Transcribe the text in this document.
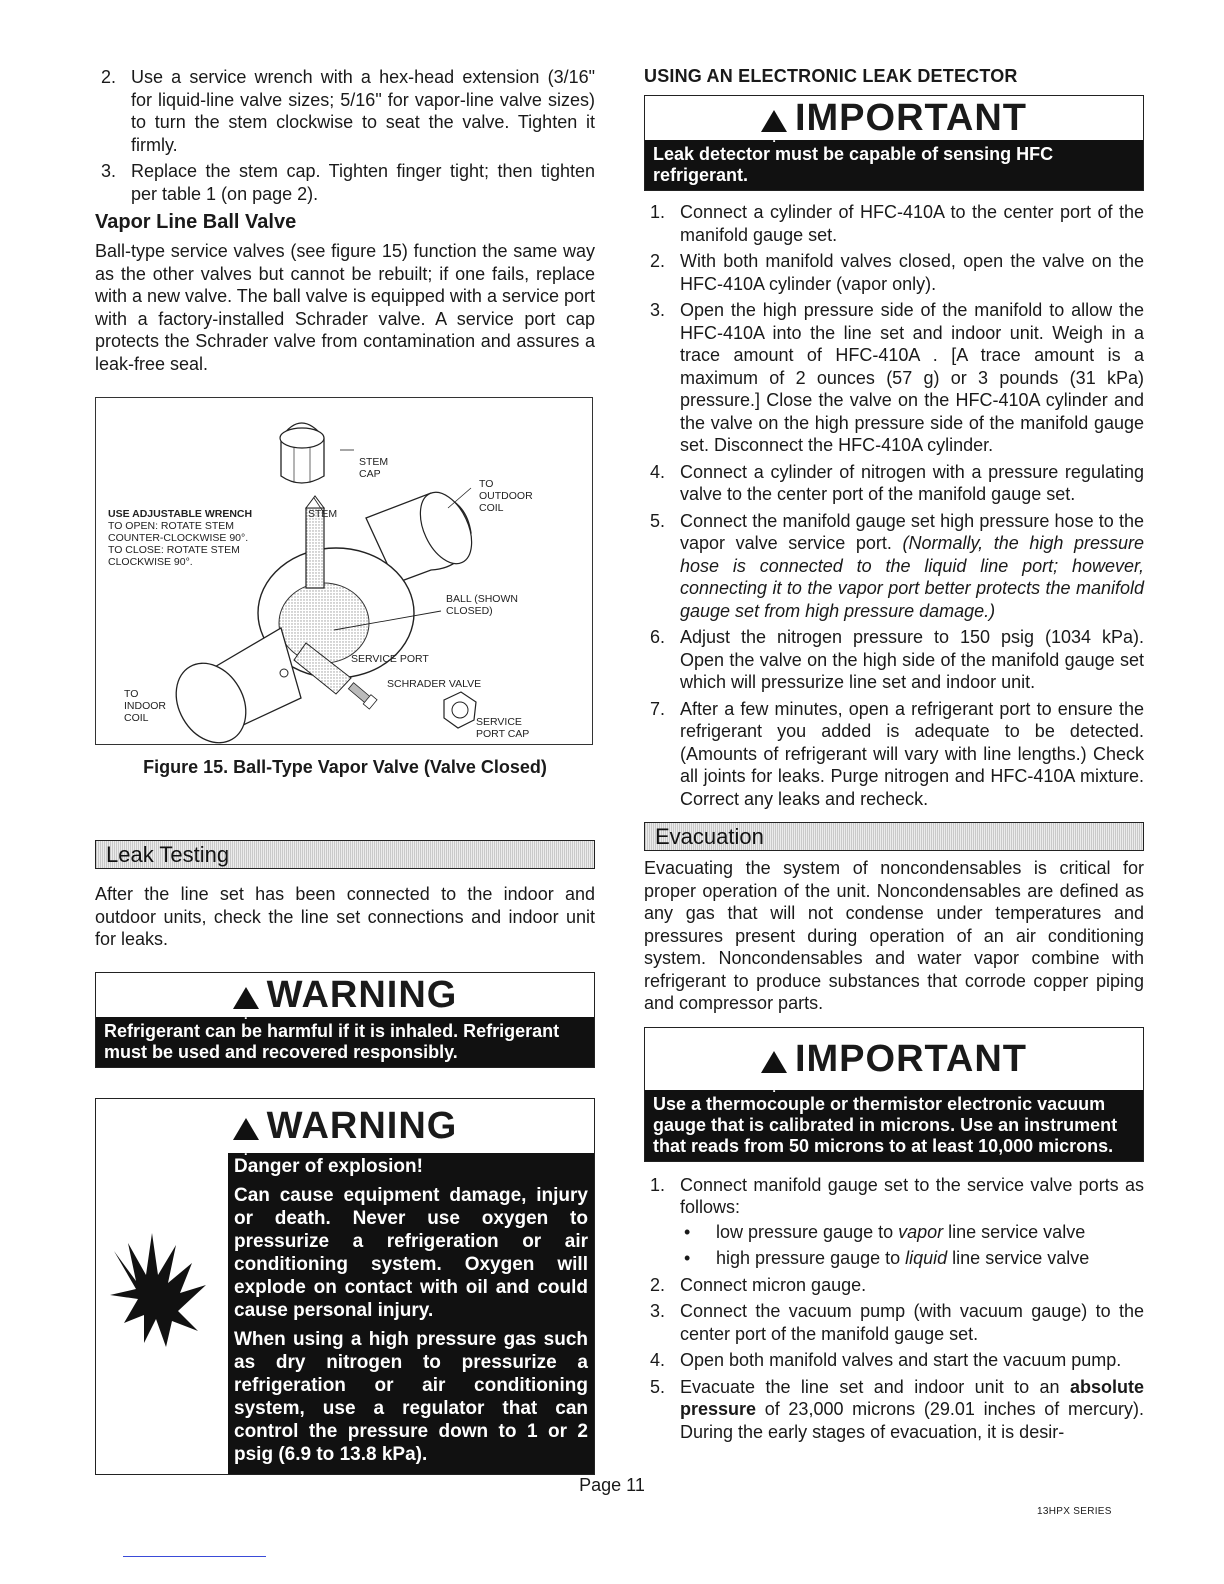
2. Use a service wrench with a hex-head extension (3/16" for liquid-line valve sizes; 5/16" for vapor-line valve sizes) to turn the stem clockwise to seat the valve. Tighten it firmly.
3. Replace the stem cap. Tighten finger tight; then tighten per table 1 (on page 2).
Vapor Line Ball Valve

Ball-type service valves (see figure 15) function the same way as the other valves but cannot be rebuilt; if one fails, replace with a new valve. The ball valve is equipped with a service port with a factory-installed Schrader valve. A service port cap protects the Schrader valve from contamination and assures a leak-free seal.

STEM
CAP
TO
OUTDOOR
COIL
USE ADJUSTABLE WRENCH
TO OPEN: ROTATE STEM
COUNTER-CLOCKWISE 90°.
TO CLOSE: ROTATE STEM
CLOCKWISE 90°.
STEM
BALL (SHOWN
CLOSED)
SERVICE PORT
SCHRADER VALVE
TO
INDOOR
COIL	SERVICE
PORT CAP
Figure 15. Ball-Type Vapor Valve (Valve Closed)
Leak Testing

After the line set has been connected to the indoor and outdoor units, check the line set connections and indoor unit for leaks.

! WARNING
Refrigerant can be harmful if it is inhaled. Refrigerant must be used and recovered responsibly.
!
WARNING
Danger of explosion!
Can cause equipment damage, injury or death. Never use oxygen to pressurize a refrigeration or air conditioning system. Oxygen will explode on contact with oil and could cause personal injury.
When using a high pressure gas such as dry nitrogen to pressurize a refrigeration or air conditioning system, use a regulator that can control the pressure down to 1 or 2 psig (6.9 to 13.8 kPa).
USING AN ELECTRONIC LEAK DETECTOR
! IMPORTANT
Leak detector must be capable of sensing HFC refrigerant.
1. Connect a cylinder of HFC-410A to the center port of the manifold gauge set.
2. With both manifold valves closed, open the valve on the HFC-410A cylinder (vapor only).
3. Open the high pressure side of the manifold to allow the HFC-410A into the line set and indoor unit. Weigh in a trace amount of HFC-410A . [A trace amount is a maximum of 2 ounces (57 g) or 3 pounds (31 kPa) pressure.] Close the valve on the HFC-410A cylinder and the valve on the high pressure side of the manifold gauge set. Disconnect the HFC-410A cylinder.
4. Connect a cylinder of nitrogen with a pressure regulating valve to the center port of the manifold gauge set.
5. Connect the manifold gauge set high pressure hose to the vapor valve service port. (Normally, the high pressure hose is connected to the liquid line port; however, connecting it to the vapor port better protects the manifold gauge set from high pressure damage.)
6. Adjust the nitrogen pressure to 150 psig (1034 kPa). Open the valve on the high side of the manifold gauge set which will pressurize line set and indoor unit.
7. After a few minutes, open a refrigerant port to ensure the refrigerant you added is adequate to be detected. (Amounts of refrigerant will vary with line lengths.) Check all joints for leaks. Purge nitrogen and HFC-410A mixture. Correct any leaks and recheck.
Evacuation

Evacuating the system of noncondensables is critical for proper operation of the unit. Noncondensables are defined as any gas that will not condense under temperatures and pressures present during operation of an air conditioning system. Noncondensables and water vapor combine with refrigerant to produce substances that corrode copper piping and compressor parts.

!
IMPORTANT
Use a thermocouple or thermistor electronic vacuum gauge that is calibrated in microns. Use an instrument that reads from 50 microns to at least 10,000 microns.
1. Connect manifold gauge set to the service valve ports as follows:
• low pressure gauge to vapor line service valve
• high pressure gauge to liquid line service valve
2. Connect micron gauge.
3. Connect the vacuum pump (with vacuum gauge) to the center port of the manifold gauge set.
4. Open both manifold valves and start the vacuum pump.
5. Evacuate the line set and indoor unit to an absolute pressure of 23,000 microns (29.01 inches of mercury). During the early stages of evacuation, it is desir-
Page 11
13HPX SERIES
